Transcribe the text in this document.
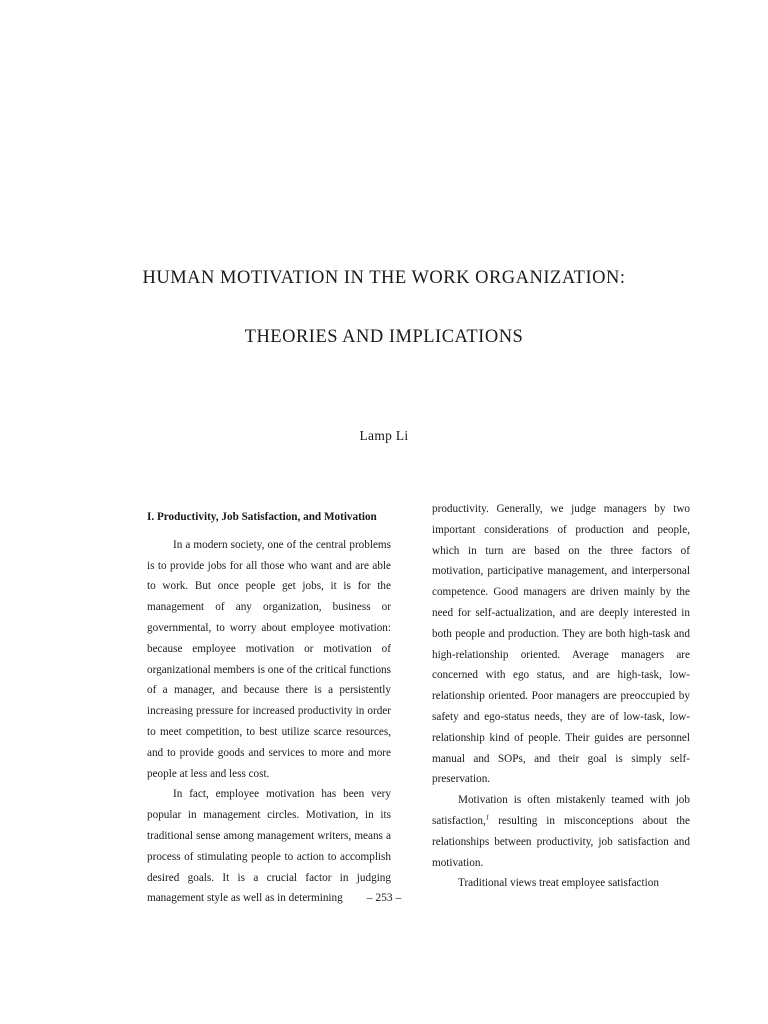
HUMAN MOTIVATION IN THE WORK ORGANIZATION:
THEORIES AND IMPLICATIONS
Lamp Li
I. Productivity, Job Satisfaction, and Motivation

In a modern society, one of the central problems is to provide jobs for all those who want and are able to work. But once people get jobs, it is for the management of any organization, business or governmental, to worry about employee motivation: because employee motivation or motivation of organizational members is one of the critical functions of a manager, and because there is a persistently increasing pressure for increased productivity in order to meet competition, to best utilize scarce resources, and to provide goods and services to more and more people at less and less cost.

In fact, employee motivation has been very popular in management circles. Motivation, in its traditional sense among management writers, means a process of stimulating people to action to accomplish desired goals. It is a crucial factor in judging management style as well as in determining

productivity. Generally, we judge managers by two important considerations of production and people, which in turn are based on the three factors of motivation, participative management, and interpersonal competence. Good managers are driven mainly by the need for self-actualization, and are deeply interested in both people and production. They are both high-task and high-relationship oriented. Average managers are concerned with ego status, and are high-task, low-relationship oriented. Poor managers are preoccupied by safety and ego-status needs, they are of low-task, low-relationship kind of people. Their guides are personnel manual and SOPs, and their goal is simply self-preservation.

Motivation is often mistakenly teamed with job satisfaction,$^1$ resulting in misconceptions about the relationships between productivity, job satisfaction and motivation.

Traditional views treat employee satisfaction

– 253 –
